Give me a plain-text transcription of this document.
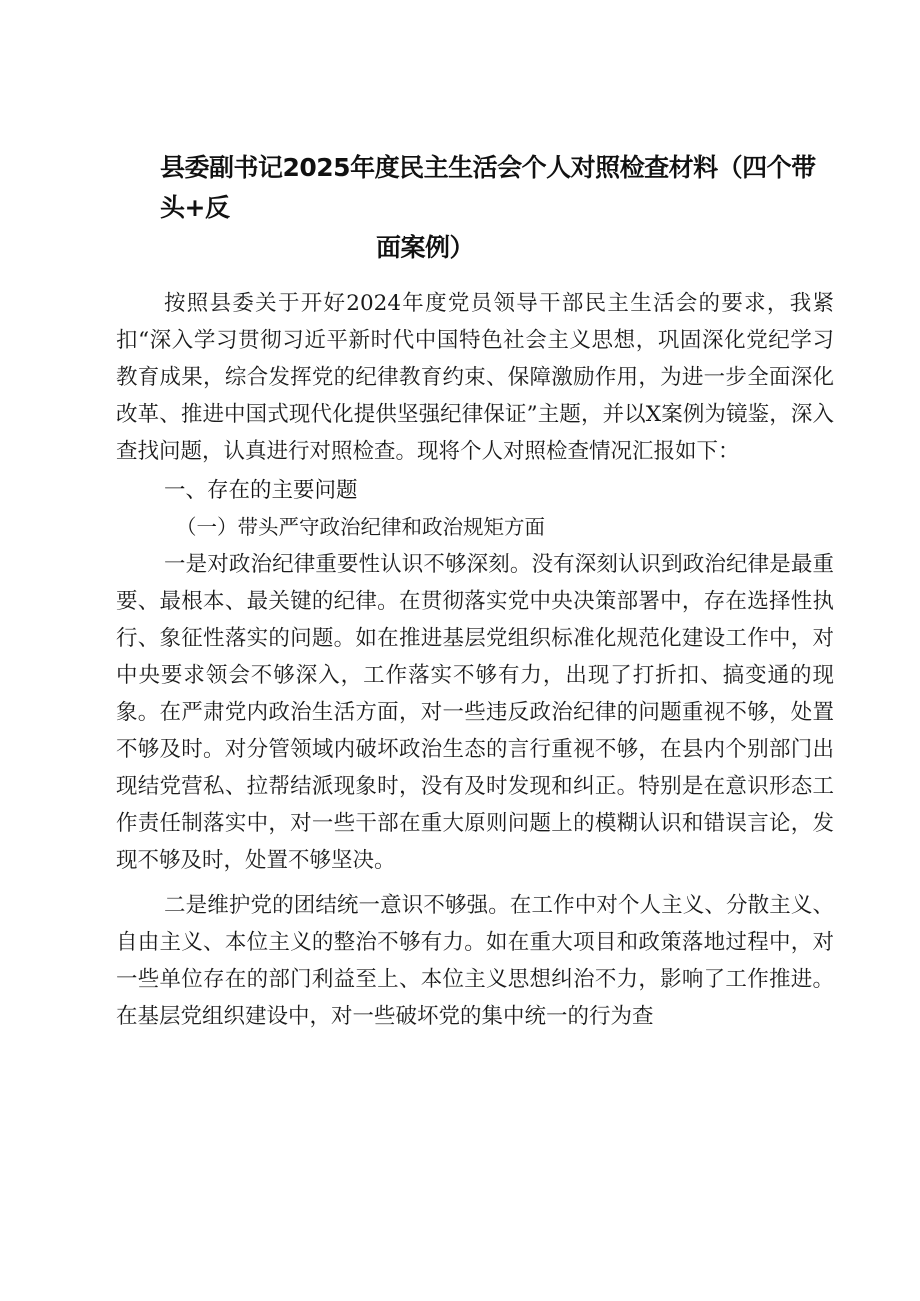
县委副书记2025年度民主生活会个人对照检查材料（四个带头+反
面案例）

按照县委关于开好2024年度党员领导干部民主生活会的要求，我紧扣“深入学习贯彻习近平新时代中国特色社会主义思想，巩固深化党纪学习教育成果，综合发挥党的纪律教育约束、保障激励作用，为进一步全面深化改革、推进中国式现代化提供坚强纪律保证”主题，并以X案例为镜鉴，深入查找问题，认真进行对照检查。现将个人对照检查情况汇报如下：

一、存在的主要问题

（一）带头严守政治纪律和政治规矩方面

一是对政治纪律重要性认识不够深刻。没有深刻认识到政治纪律是最重要、最根本、最关键的纪律。在贯彻落实党中央决策部署中，存在选择性执行、象征性落实的问题。如在推进基层党组织标准化规范化建设工作中，对中央要求领会不够深入，工作落实不够有力，出现了打折扣、搞变通的现象。在严肃党内政治生活方面，对一些违反政治纪律的问题重视不够，处置不够及时。对分管领域内破坏政治生态的言行重视不够，在县内个别部门出现结党营私、拉帮结派现象时，没有及时发现和纠正。特别是在意识形态工作责任制落实中，对一些干部在重大原则问题上的模糊认识和错误言论，发现不够及时，处置不够坚决。

二是维护党的团结统一意识不够强。在工作中对个人主义、分散主义、自由主义、本位主义的整治不够有力。如在重大项目和政策落地过程中，对一些单位存在的部门利益至上、本位主义思想纠治不力，影响了工作推进。在基层党组织建设中，对一些破坏党的集中统一的行为查
